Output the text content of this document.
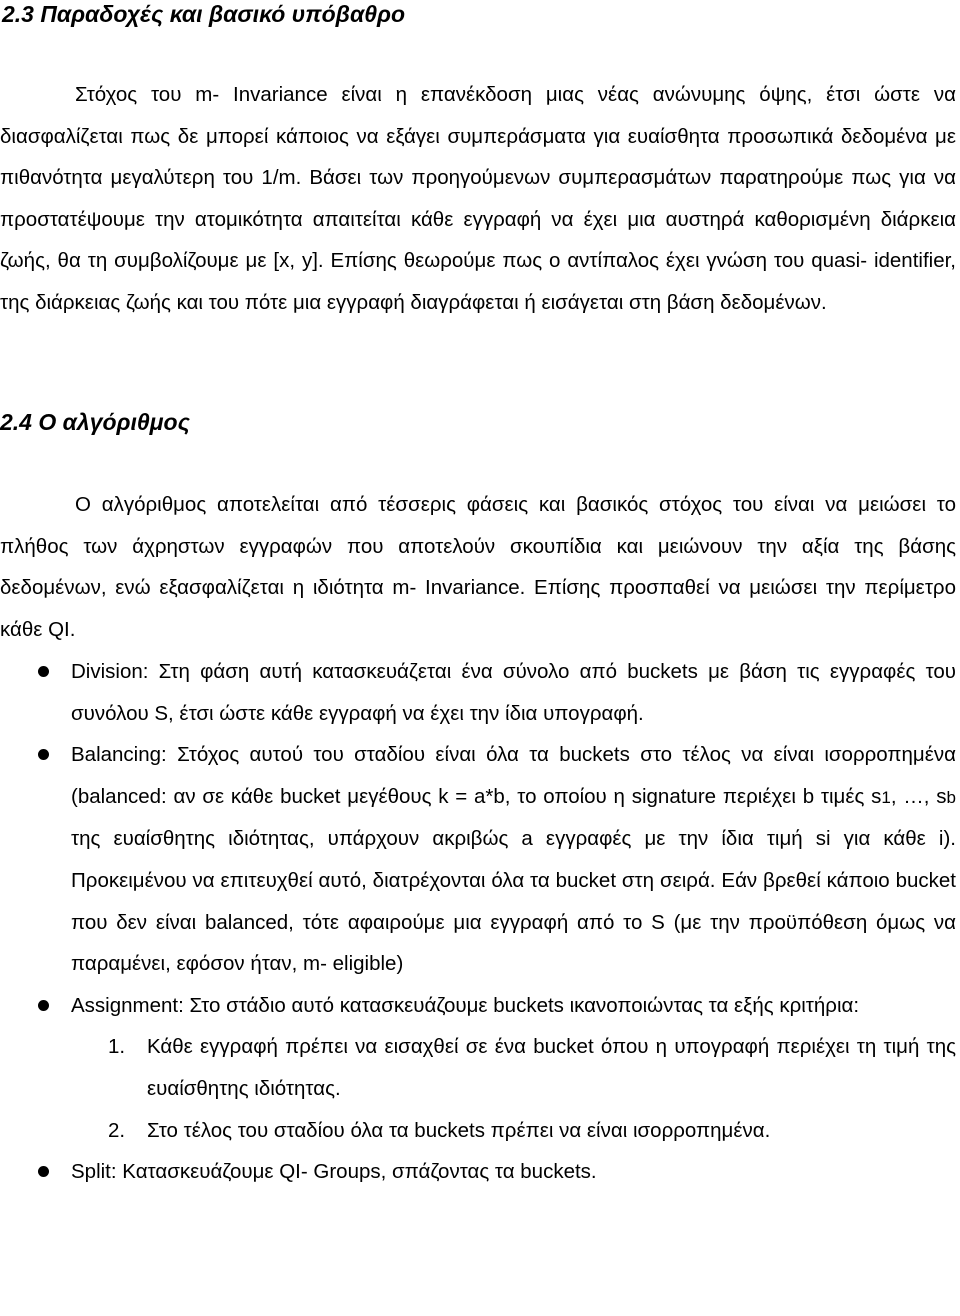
2.3 Παραδοχές και βασικό υπόβαθρο

Στόχος του m- Invariance είναι η επανέκδοση μιας νέας ανώνυμης όψης, έτσι ώστε να διασφαλίζεται πως δε μπορεί κάποιος να εξάγει συμπεράσματα για ευαίσθητα προσωπικά δεδομένα με πιθανότητα μεγαλύτερη του 1/m. Βάσει των προηγούμενων συμπερασμάτων παρατηρούμε πως για να προστατέψουμε την ατομικότητα απαιτείται κάθε εγγραφή να έχει μια αυστηρά καθορισμένη διάρκεια ζωής, θα τη συμβολίζουμε με [x, y]. Επίσης θεωρούμε πως ο αντίπαλος έχει γνώση του quasi- identifier, της διάρκειας ζωής και του πότε μια εγγραφή διαγράφεται ή εισάγεται στη βάση δεδομένων.

2.4 Ο αλγόριθμος

Ο αλγόριθμος αποτελείται από τέσσερις φάσεις και βασικός στόχος του είναι να μειώσει το πλήθος των άχρηστων εγγραφών που αποτελούν σκουπίδια και μειώνουν την αξία της βάσης δεδομένων, ενώ εξασφαλίζεται η ιδιότητα m- Invariance. Επίσης προσπαθεί να μειώσει την περίμετρο κάθε QI.

Division: Στη φάση αυτή κατασκευάζεται ένα σύνολο από buckets με βάση τις εγγραφές του συνόλου S, έτσι ώστε κάθε εγγραφή να έχει την ίδια υπογραφή.
Balancing: Στόχος αυτού του σταδίου είναι όλα τα buckets στο τέλος να είναι ισορροπημένα (balanced: αν σε κάθε bucket μεγέθους k = a*b, το οποίου η signature περιέχει b τιμές s1, …, sb της ευαίσθητης ιδιότητας, υπάρχουν ακριβώς a εγγραφές με την ίδια τιμή si για κάθε i). Προκειμένου να επιτευχθεί αυτό, διατρέχονται όλα τα bucket στη σειρά. Εάν βρεθεί κάποιο bucket που δεν είναι balanced, τότε αφαιρούμε μια εγγραφή από το S (με την προϋπόθεση όμως να παραμένει, εφόσον ήταν, m- eligible)
Assignment: Στο στάδιο αυτό κατασκευάζουμε buckets ικανοποιώντας τα εξής κριτήρια:
1. Κάθε εγγραφή πρέπει να εισαχθεί σε ένα bucket όπου η υπογραφή περιέχει τη τιμή της ευαίσθητης ιδιότητας.
2. Στο τέλος του σταδίου όλα τα buckets πρέπει να είναι ισορροπημένα.
Split: Κατασκευάζουμε QI- Groups, σπάζοντας τα buckets.
